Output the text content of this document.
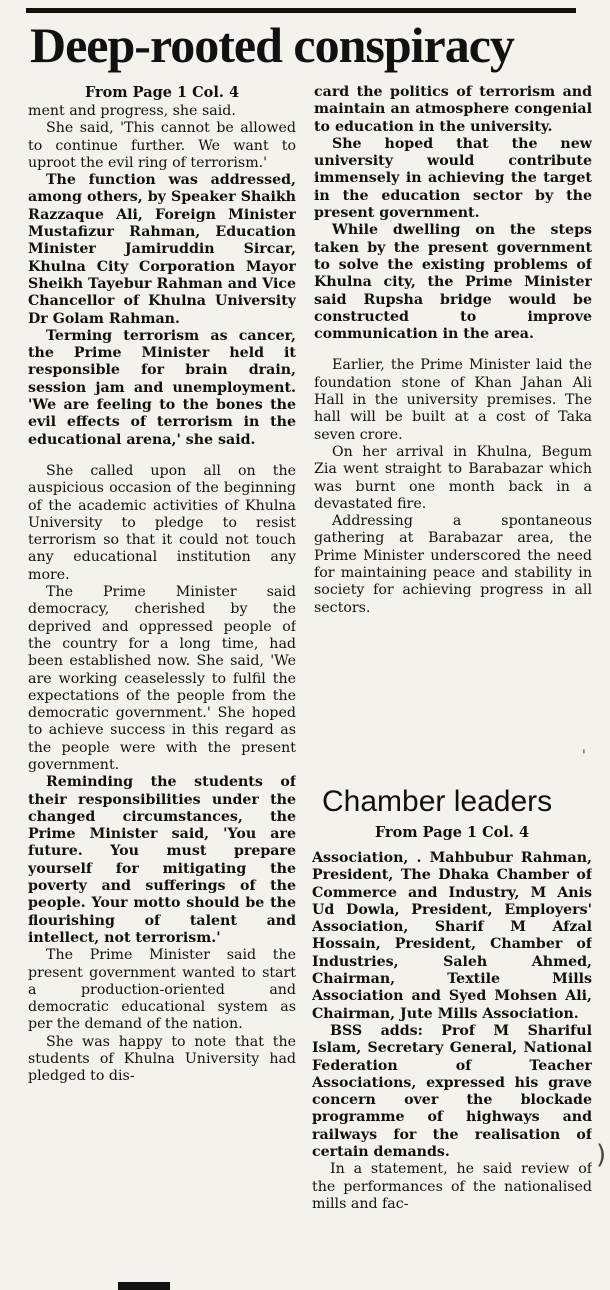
Deep-rooted conspiracy
From Page 1 Col. 4

ment and progress, she said.

She said, 'This cannot be allowed to continue further. We want to uproot the evil ring of terrorism.'

The function was addressed, among others, by Speaker Shaikh Razzaque Ali, Foreign Minister Mustafizur Rahman, Education Minister Jamiruddin Sircar, Khulna City Corporation Mayor Sheikh Tayebur Rahman and Vice Chancellor of Khulna University Dr Golam Rahman.

Terming terrorism as cancer, the Prime Minister held it responsible for brain drain, session jam and unemployment. 'We are feeling to the bones the evil effects of terrorism in the educational arena,' she said.

She called upon all on the auspicious occasion of the beginning of the academic activities of Khulna University to pledge to resist terrorism so that it could not touch any educational institution any more.

The Prime Minister said democracy, cherished by the deprived and oppressed people of the country for a long time, had been established now. She said, 'We are working ceaselessly to fulfil the expectations of the people from the democratic government.' She hoped to achieve success in this regard as the people were with the present government.

Reminding the students of their responsibilities under the changed circumstances, the Prime Minister said, 'You are future. You must prepare yourself for mitigating the poverty and sufferings of the people. Your motto should be the flourishing of talent and intellect, not terrorism.'

The Prime Minister said the present government wanted to start a production-oriented and democratic educational system as per the demand of the nation.

She was happy to note that the students of Khulna University had pledged to dis-

card the politics of terrorism and maintain an atmosphere congenial to education in the university.

She hoped that the new university would contribute immensely in achieving the target in the education sector by the present government.

While dwelling on the steps taken by the present government to solve the existing problems of Khulna city, the Prime Minister said Rupsha bridge would be constructed to improve communication in the area.

Earlier, the Prime Minister laid the foundation stone of Khan Jahan Ali Hall in the university premises. The hall will be built at a cost of Taka seven crore.

On her arrival in Khulna, Begum Zia went straight to Barabazar which was burnt one month back in a devastated fire.

Addressing a spontaneous gathering at Barabazar area, the Prime Minister underscored the need for maintaining peace and stability in society for achieving progress in all sectors.

Chamber leaders
From Page 1 Col. 4

Association, . Mahbubur Rahman, President, The Dhaka Chamber of Commerce and Industry, M Anis Ud Dowla, President, Employers' Association, Sharif M Afzal Hossain, President, Chamber of Industries, Saleh Ahmed, Chairman, Textile Mills Association and Syed Mohsen Ali, Chairman, Jute Mills Association.

BSS adds: Prof M Shariful Islam, Secretary General, National Federation of Teacher Associations, expressed his grave concern over the blockade programme of highways and railways for the realisation of certain demands.

In a statement, he said review of the performances of the nationalised mills and fac-

)
'
